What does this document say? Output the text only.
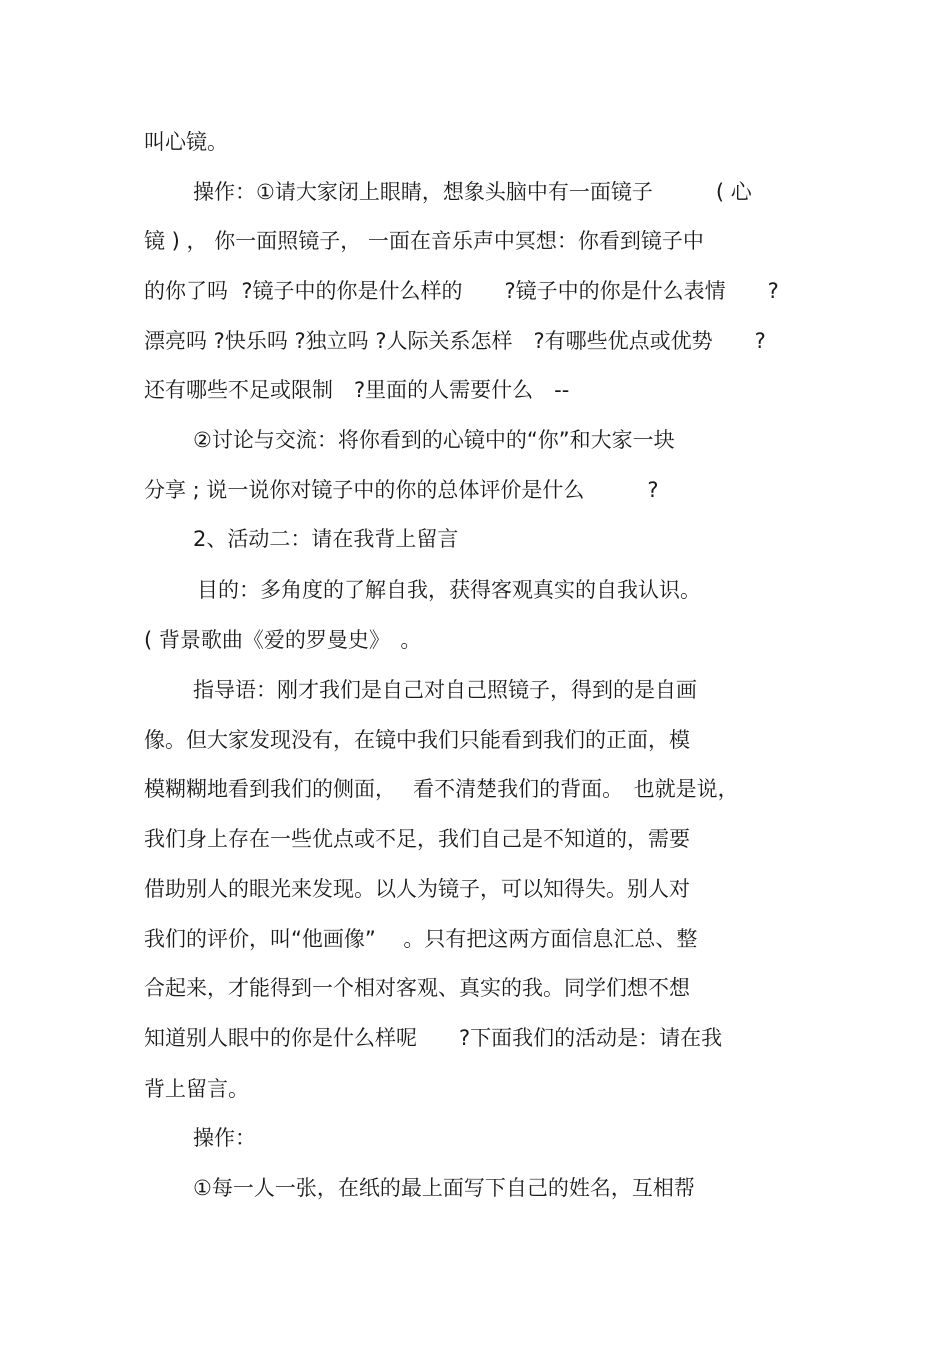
叫心镜。
操作：①请大家闭上眼睛，想象头脑中有一面镜子　　　( 心
镜 ) ， 你一面照镜子， 一面在音乐声中冥想：你看到镜子中
的你了吗  ?镜子中的你是什么样的　　?镜子中的你是什么表情　　?
漂亮吗 ?快乐吗 ?独立吗 ?人际关系怎样　?有哪些优点或优势　　?
还有哪些不足或限制　?里面的人需要什么　--
②讨论与交流：将你看到的心镜中的“你”和大家一块
分享 ; 说一说你对镜子中的你的总体评价是什么　　　?
2、活动二：请在我背上留言
目的：多角度的了解自我，获得客观真实的自我认识。
( 背景歌曲《爱的罗曼史》　。
指导语：刚才我们是自己对自己照镜子，得到的是自画
像。但大家发现没有，在镜中我们只能看到我们的正面，模
模糊糊地看到我们的侧面，　 看不清楚我们的背面。　也就是说，
我们身上存在一些优点或不足，我们自己是不知道的，需要
借助别人的眼光来发现。以人为镜子，可以知得失。别人对
我们的评价，叫“他画像”　 。只有把这两方面信息汇总、整
合起来，才能得到一个相对客观、真实的我。同学们想不想
知道别人眼中的你是什么样呢　　?下面我们的活动是：请在我
背上留言。
操作：
①每一人一张，在纸的最上面写下自己的姓名，互相帮
